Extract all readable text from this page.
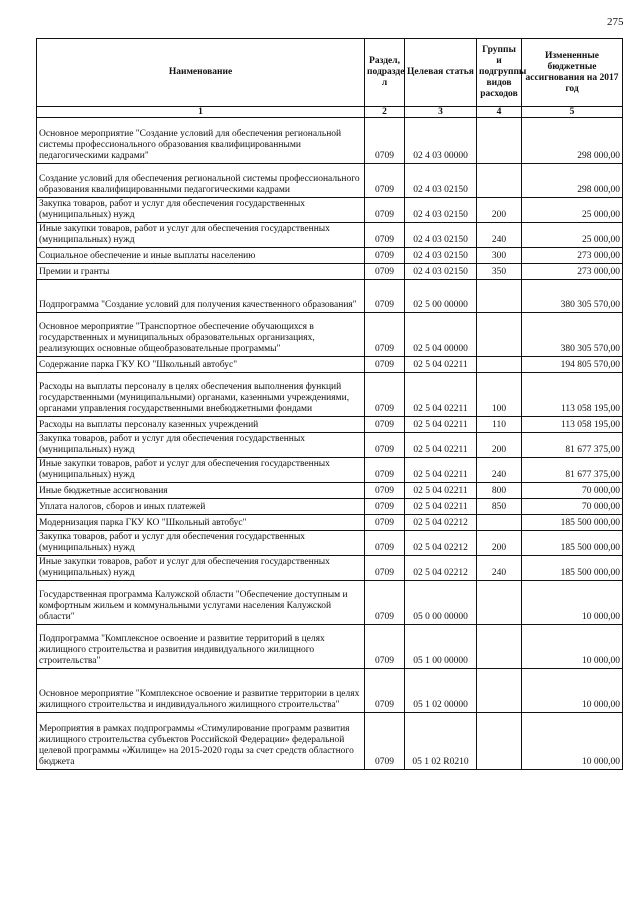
275
Наименование	Раздел, подразде л	Целевая статья	Группы и подгруппы видов расходов	Измененные бюджетные ассигнования на 2017 год
1	2	3	4	5
Основное мероприятие "Создание условий для обеспечения региональной системы профессионального образования квалифицированными педагогическими кадрами"	0709	02 4 03 00000		298 000,00
Создание условий для обеспечения региональной системы профессионального образования квалифицированными педагогическими кадрами	0709	02 4 03 02150		298 000,00
Закупка товаров, работ и услуг для обеспечения государственных (муниципальных) нужд	0709	02 4 03 02150	200	25 000,00
Иные закупки товаров, работ и услуг для обеспечения государственных (муниципальных) нужд	0709	02 4 03 02150	240	25 000,00
Социальное обеспечение и иные выплаты населению	0709	02 4 03 02150	300	273 000,00
Премии и гранты	0709	02 4 03 02150	350	273 000,00
Подпрограмма "Создание условий для получения качественного образования"	0709	02 5 00 00000		380 305 570,00
Основное мероприятие "Транспортное обеспечение обучающихся в государственных и муниципальных образовательных организациях, реализующих основные общеобразовательные программы"	0709	02 5 04 00000		380 305 570,00
Содержание парка ГКУ КО "Школьный автобус"	0709	02 5 04 02211		194 805 570,00
Расходы на выплаты персоналу в целях обеспечения выполнения функций государственными (муниципальными) органами, казенными учреждениями, органами управления государственными внебюджетными фондами	0709	02 5 04 02211	100	113 058 195,00
Расходы на выплаты персоналу казенных учреждений	0709	02 5 04 02211	110	113 058 195,00
Закупка товаров, работ и услуг для обеспечения государственных (муниципальных) нужд	0709	02 5 04 02211	200	81 677 375,00
Иные закупки товаров, работ и услуг для обеспечения государственных (муниципальных) нужд	0709	02 5 04 02211	240	81 677 375,00
Иные бюджетные ассигнования	0709	02 5 04 02211	800	70 000,00
Уплата налогов, сборов и иных платежей	0709	02 5 04 02211	850	70 000,00
Модернизация парка ГКУ КО "Школьный автобус"	0709	02 5 04 02212		185 500 000,00
Закупка товаров, работ и услуг для обеспечения государственных (муниципальных) нужд	0709	02 5 04 02212	200	185 500 000,00
Иные закупки товаров, работ и услуг для обеспечения государственных (муниципальных) нужд	0709	02 5 04 02212	240	185 500 000,00
Государственная программа Калужской области "Обеспечение доступным и комфортным жильем и коммунальными услугами населения Калужской области"	0709	05 0 00 00000		10 000,00
Подпрограмма "Комплексное освоение и развитие территорий в целях жилищного строительства и развития индивидуального жилищного строительства"	0709	05 1 00 00000		10 000,00
Основное мероприятие "Комплексное освоение и развитие территории в целях жилищного строительства и индивидуального жилищного строительства"	0709	05 1 02 00000		10 000,00
Мероприятия в рамках подпрограммы «Стимулирование программ развития жилищного строительства субъектов Российской Федерации» федеральной целевой программы «Жилище» на 2015-2020 годы за счет средств областного бюджета	0709	05 1 02 R0210		10 000,00
